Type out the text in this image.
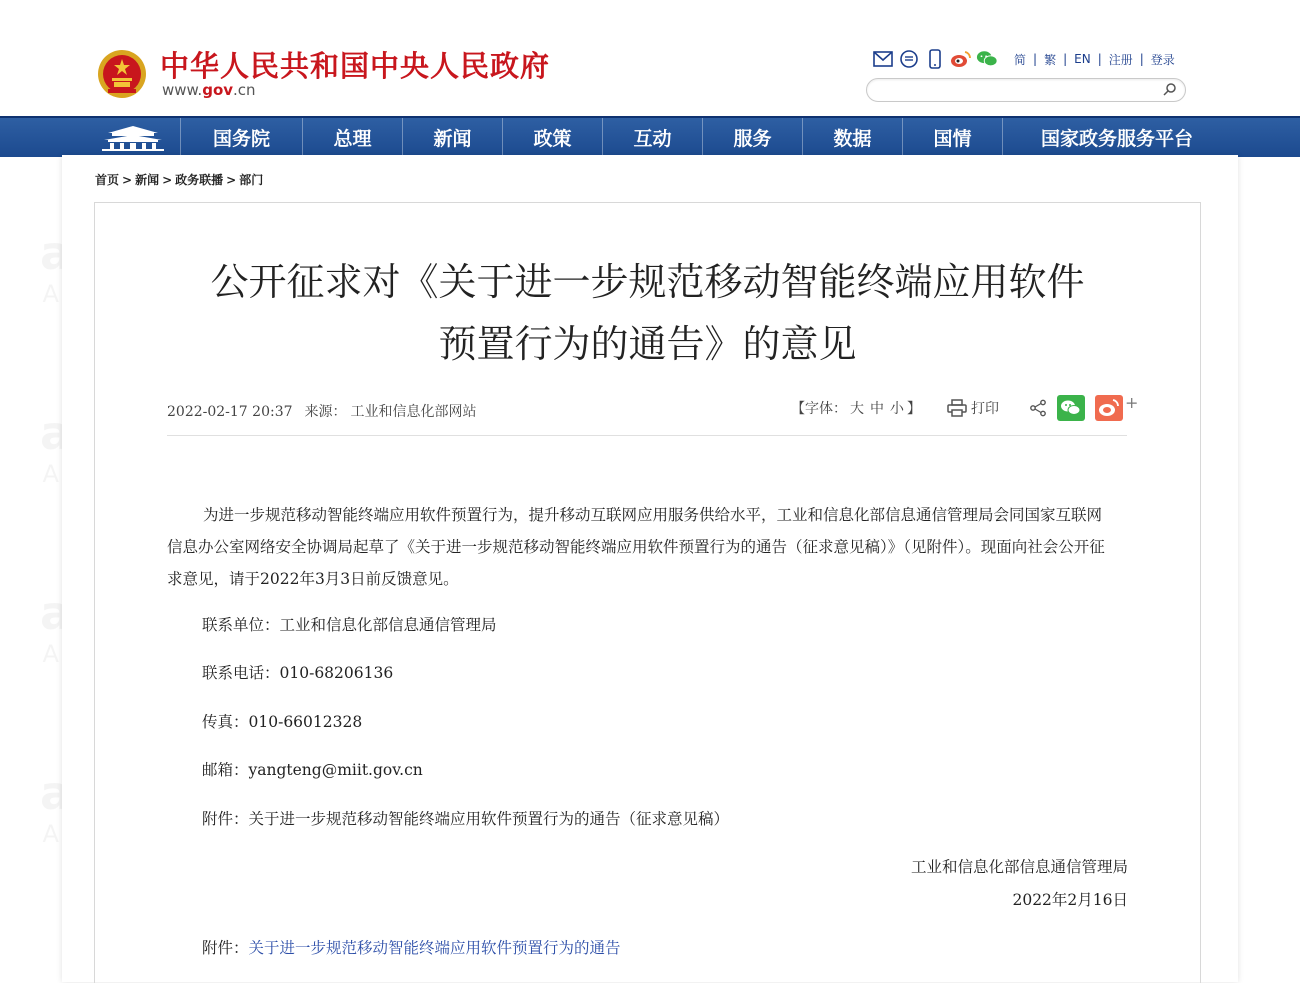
中华人民共和国中央人民政府
www.gov.cn
简 | 繁 | EN | 注册 | 登录
国务院	总理	新闻	政策	互动	服务	数据	国情	国家政务服务平台
首页 > 新闻 > 政务联播 > 部门
公开征求对《关于进一步规范移动智能终端应用软件
预置行为的通告》的意见
2022-02-17 20:37 来源： 工业和信息化部网站	【字体： 大 中 小 】	打印	+

为进一步规范移动智能终端应用软件预置行为，提升移动互联网应用服务供给水平，工业和信息化部信息通信管理局会同国家互联网信息办公室网络安全协调局起草了《关于进一步规范移动智能终端应用软件预置行为的通告（征求意见稿）》（见附件）。现面向社会公开征求意见，请于2022年3月3日前反馈意见。

联系单位：工业和信息化部信息通信管理局
联系电话：010-68206136
传真：010-66012328
邮箱：yangteng@miit.gov.cn
附件：关于进一步规范移动智能终端应用软件预置行为的通告（征求意见稿）
工业和信息化部信息通信管理局
2022年2月16日
附件：关于进一步规范移动智能终端应用软件预置行为的通告
